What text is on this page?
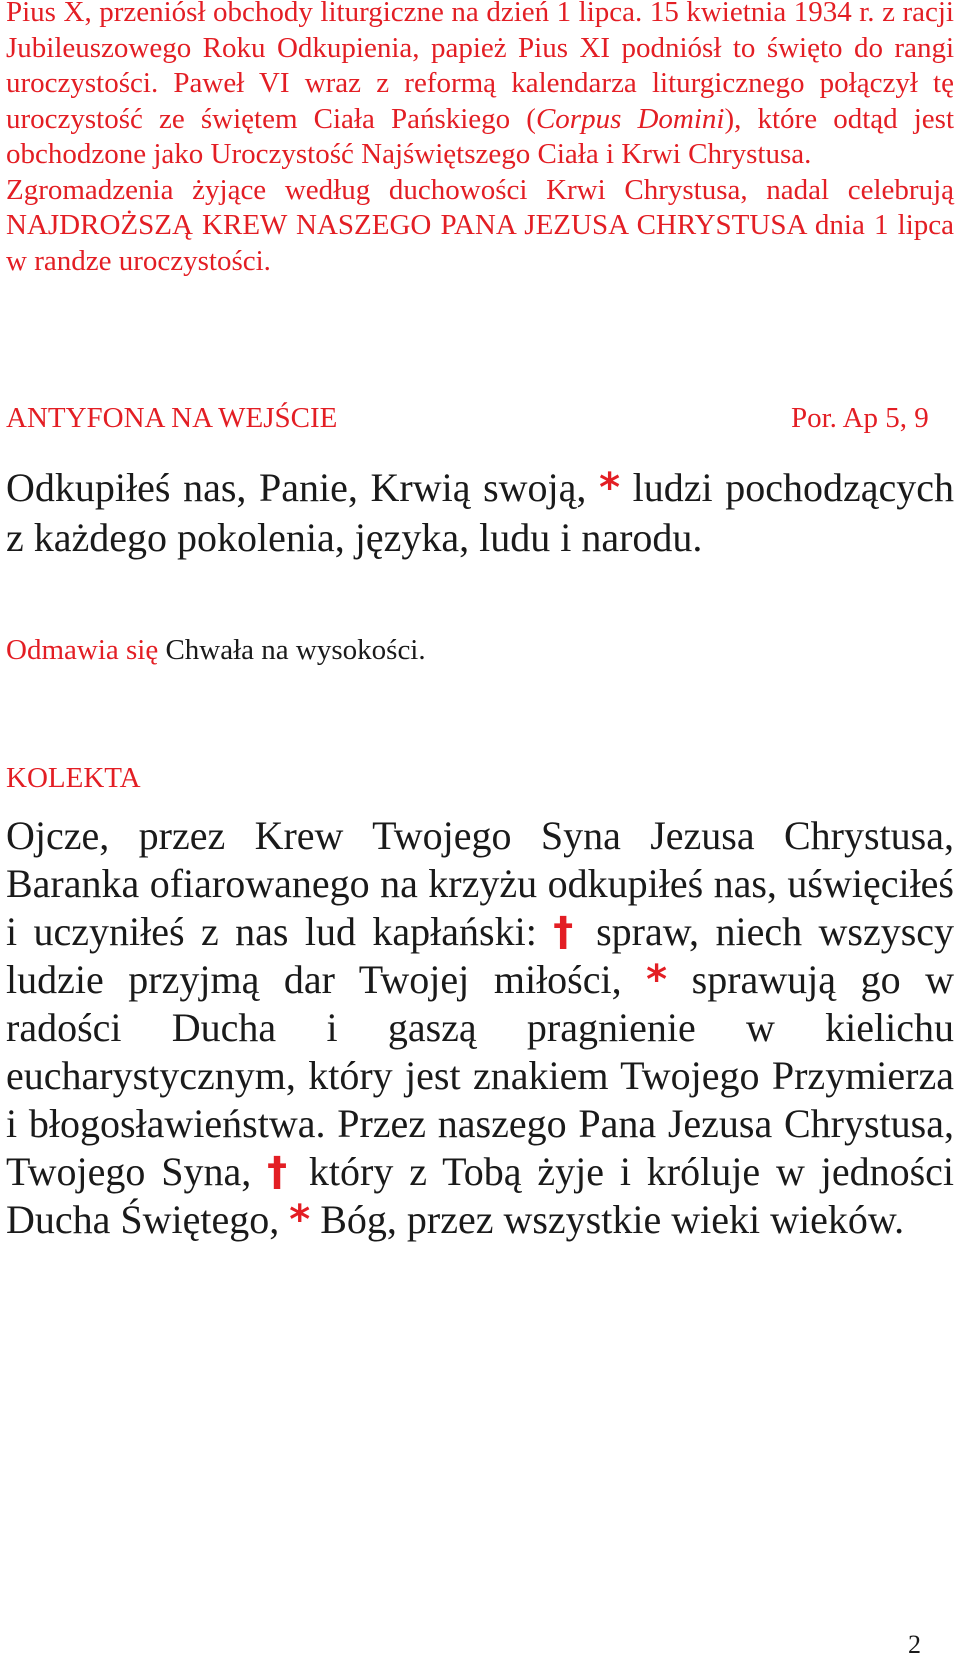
Pius X, przeniósł obchody liturgiczne na dzień 1 lipca. 15 kwietnia 1934 r. z racji Jubileuszowego Roku Odkupienia, papież Pius XI podniósł to święto do rangi uroczystości. Paweł VI wraz z reformą kalendarza liturgicznego połączył tę uroczystość ze świętem Ciała Pańskiego (Corpus Domini), które odtąd jest obchodzone jako Uroczystość Najświętszego Ciała i Krwi Chrystusa.

Zgromadzenia żyjące według duchowości Krwi Chrystusa, nadal celebrują NAJDROŻSZĄ KREW NASZEGO PANA JEZUSA CHRYSTUSA dnia 1 lipca w randze uroczystości.

ANTYFONA NA WEJŚCIE	Por. Ap 5, 9

Odkupiłeś nas, Panie, Krwią swoją, * ludzi pochodzących z każdego pokolenia, języka, ludu i narodu.

Odmawia się Chwała na wysokości.

KOLEKTA

Ojcze, przez Krew Twojego Syna Jezusa Chrystusa, Baranka ofiarowanego na krzyżu odkupiłeś nas, uświęciłeś i uczyniłeś z nas lud kapłański: † spraw, niech wszyscy ludzie przyjmą dar Twojej miłości, * sprawują go w radości Ducha i gaszą pragnienie w kielichu eucharystycznym, który jest znakiem Twojego Przymierza i błogosławieństwa. Przez naszego Pana Jezusa Chrystusa, Twojego Syna, † który z Tobą żyje i króluje w jedności Ducha Świętego, * Bóg, przez wszystkie wieki wieków.

2
